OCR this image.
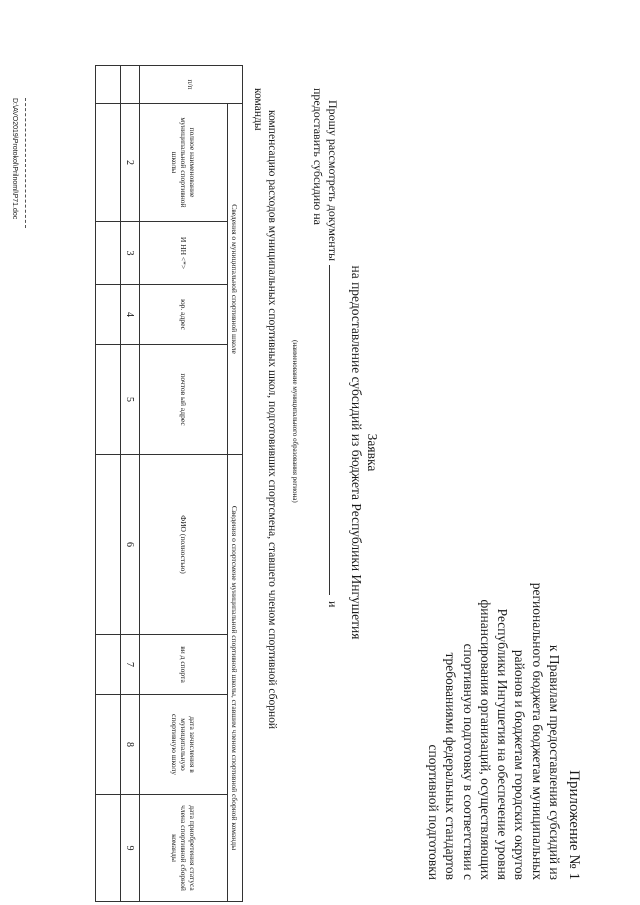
Приложение № 1
к Правилам предоставления субсидий из
регионального бюджета бюджетам муниципальных
районов и бюджетам городских округов
Республики Ингушетия на обеспечение уровня
финансирования организаций, осуществляющих
спортивную подготовку в соответствии с
требованиями федеральных стандартов
спортивной подготовки
Заявка
на предоставление субсидий из бюджета Республики Ингушетия
Прошу рассмотреть документыи
предоставить субсидию на
(наименование муниципального образования региона)
компенсацию расходов муниципальных спортивных школ, подготовивших спортсмена, ставшего членом спортивной сборной
команды
п/п	Сведения о муниципальной спортивной школе				Сведения о спортсмене муниципальной спортивной школы, ставшим членом спортивной сборной команды			
	полное наименование муниципальной спортивной школы	И НН <*>	юр. адрес	почтов ый адрес	ФИО (полностью)	ви д спорта	дата зачисления в муниципальную спортивную школу	дата приобретения статуса члена спортивной сборной команды
	2	3	4	5	6	7	8	9

D:\AVO2019\Protokol\Prilnoml\P71.doc
